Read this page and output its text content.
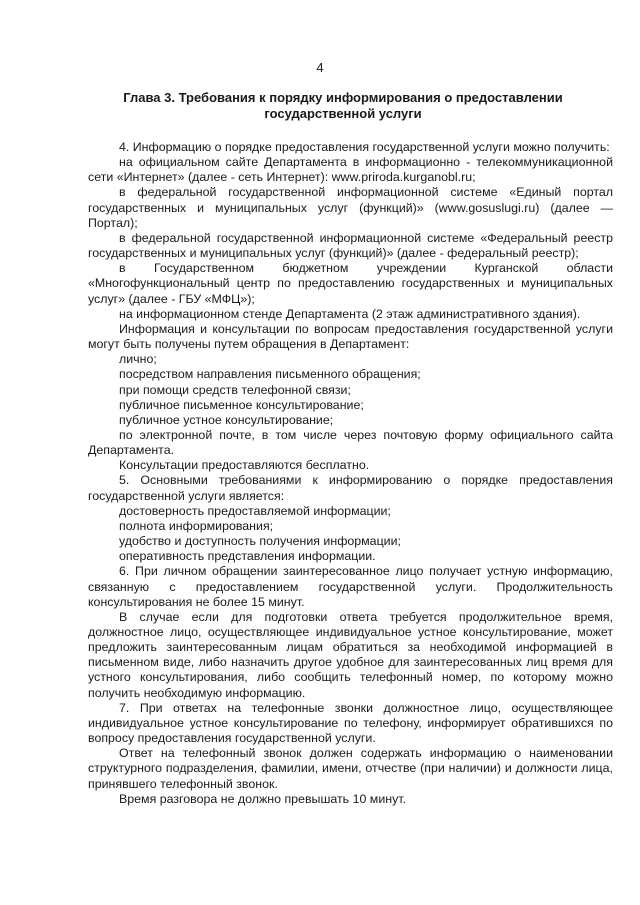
4
Глава 3. Требования к порядку информирования о предоставлении
государственной услуги

4. Информацию о порядке предоставления государственной услуги можно получить:

на официальном сайте Департамента в информационно - телекоммуникационной сети «Интернет» (далее - сеть Интернет): www.priroda.kurganobl.ru;

в федеральной государственной информационной системе «Единый портал государственных и муниципальных услуг (функций)» (www.gosuslugi.ru) (далее — Портал);

в федеральной государственной информационной системе «Федеральный реестр государственных и муниципальных услуг (функций)» (далее - федеральный реестр);

в Государственном бюджетном учреждении Курганской области «Многофункциональный центр по предоставлению государственных и муниципальных услуг» (далее - ГБУ «МФЦ»);

на информационном стенде Департамента (2 этаж административного здания).

Информация и консультации по вопросам предоставления государственной услуги могут быть получены путем обращения в Департамент:

лично;

посредством направления письменного обращения;

при помощи средств телефонной связи;

публичное письменное консультирование;

публичное устное консультирование;

по электронной почте, в том числе через почтовую форму официального сайта Департамента.

Консультации предоставляются бесплатно.

5. Основными требованиями к информированию о порядке предоставления государственной услуги является:

достоверность предоставляемой информации;

полнота информирования;

удобство и доступность получения информации;

оперативность представления информации.

6. При личном обращении заинтересованное лицо получает устную информацию, связанную с предоставлением государственной услуги. Продолжительность консультирования не более 15 минут.

В случае если для подготовки ответа требуется продолжительное время, должностное лицо, осуществляющее индивидуальное устное консультирование, может предложить заинтересованным лицам обратиться за необходимой информацией в письменном виде, либо назначить другое удобное для заинтересованных лиц время для устного консультирования, либо сообщить телефонный номер, по которому можно получить необходимую информацию.

7. При ответах на телефонные звонки должностное лицо, осуществляющее индивидуальное устное консультирование по телефону, информирует обратившихся по вопросу предоставления государственной услуги.

Ответ на телефонный звонок должен содержать информацию о наименовании структурного подразделения, фамилии, имени, отчестве (при наличии) и должности лица, принявшего телефонный звонок.

Время разговора не должно превышать 10 минут.
